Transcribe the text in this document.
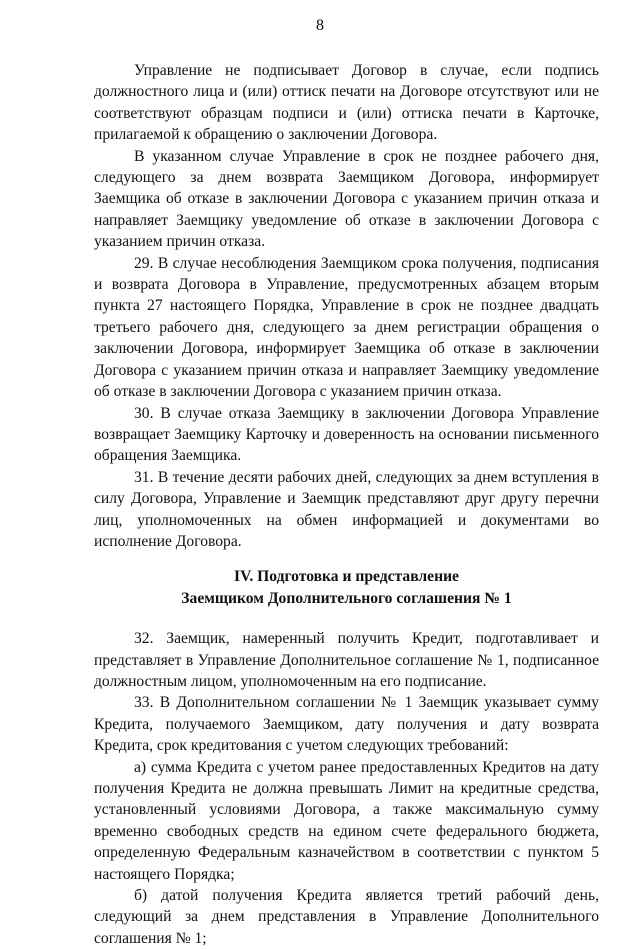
8

Управление не подписывает Договор в случае, если подпись должностного лица и (или) оттиск печати на Договоре отсутствуют или не соответствуют образцам подписи и (или) оттиска печати в Карточке, прилагаемой к обращению о заключении Договора.

В указанном случае Управление в срок не позднее рабочего дня, следующего за днем возврата Заемщиком Договора, информирует Заемщика об отказе в заключении Договора с указанием причин отказа и направляет Заемщику уведомление об отказе в заключении Договора с указанием причин отказа.

29. В случае несоблюдения Заемщиком срока получения, подписания и возврата Договора в Управление, предусмотренных абзацем вторым пункта 27 настоящего Порядка, Управление в срок не позднее двадцать третьего рабочего дня, следующего за днем регистрации обращения о заключении Договора, информирует Заемщика об отказе в заключении Договора с указанием причин отказа и направляет Заемщику уведомление об отказе в заключении Договора с указанием причин отказа.

30. В случае отказа Заемщику в заключении Договора Управление возвращает Заемщику Карточку и доверенность на основании письменного обращения Заемщика.

31. В течение десяти рабочих дней, следующих за днем вступления в силу Договора, Управление и Заемщик представляют друг другу перечни лиц, уполномоченных на обмен информацией и документами во исполнение Договора.

IV. Подготовка и представление
Заемщиком Дополнительного соглашения № 1

32. Заемщик, намеренный получить Кредит, подготавливает и представляет в Управление Дополнительное соглашение № 1, подписанное должностным лицом, уполномоченным на его подписание.

33. В Дополнительном соглашении № 1 Заемщик указывает сумму Кредита, получаемого Заемщиком, дату получения и дату возврата Кредита, срок кредитования с учетом следующих требований:

а) сумма Кредита с учетом ранее предоставленных Кредитов на дату получения Кредита не должна превышать Лимит на кредитные средства, установленный условиями Договора, а также максимальную сумму временно свободных средств на едином счете федерального бюджета, определенную Федеральным казначейством в соответствии с пунктом 5 настоящего Порядка;

б) датой получения Кредита является третий рабочий день, следующий за днем представления в Управление Дополнительного соглашения № 1;
